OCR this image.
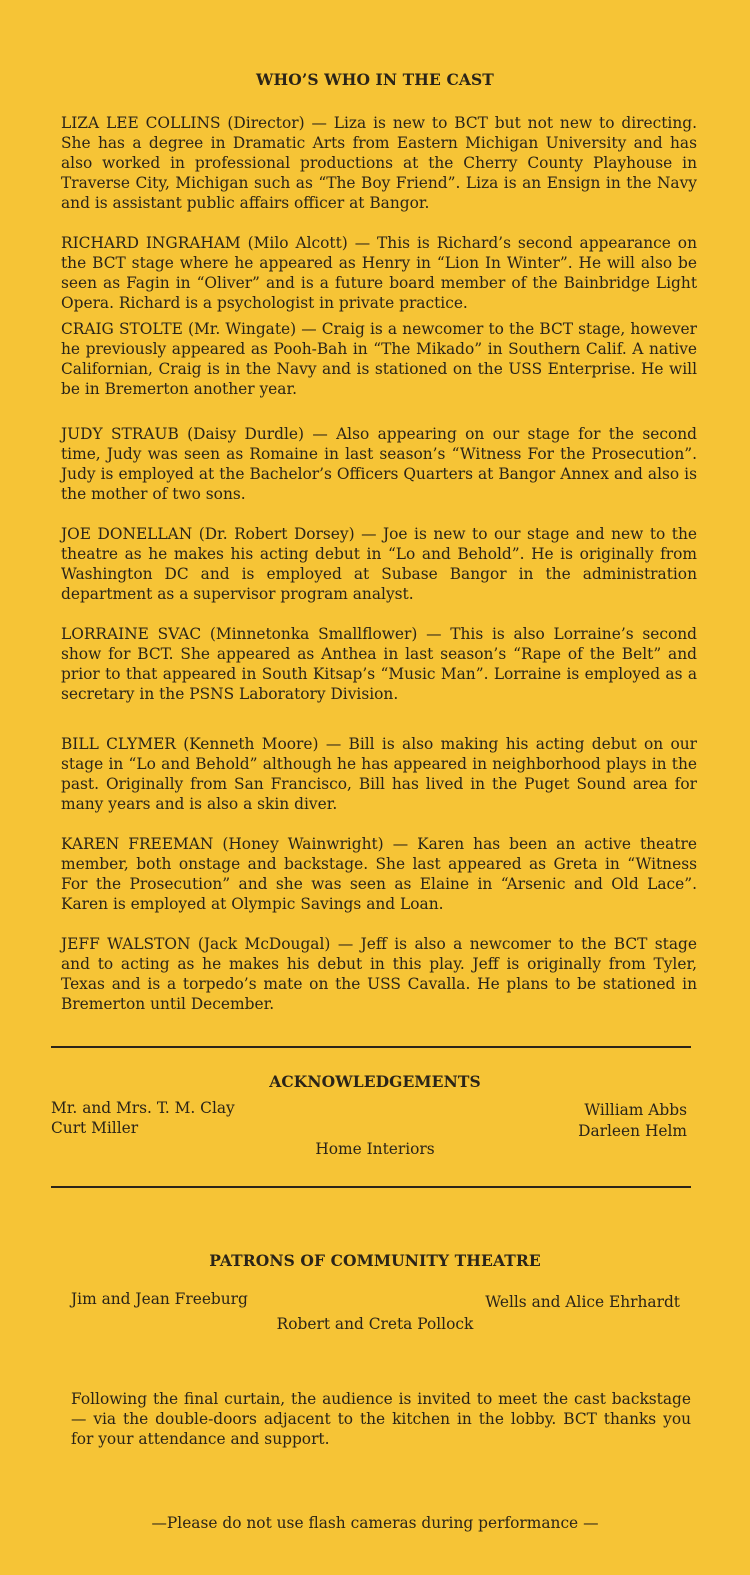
WHO’S WHO IN THE CAST
LIZA LEE COLLINS (Director) — Liza is new to BCT but not new to directing. She has a degree in Dramatic Arts from Eastern Michigan University and has also worked in professional productions at the Cherry County Playhouse in Traverse City, Michigan such as “The Boy Friend”. Liza is an Ensign in the Navy and is assistant public affairs officer at Bangor.
RICHARD INGRAHAM (Milo Alcott) — This is Richard’s second appearance on the BCT stage where he appeared as Henry in “Lion In Winter”. He will also be seen as Fagin in “Oliver” and is a future board member of the Bainbridge Light Opera. Richard is a psychologist in private practice.
CRAIG STOLTE (Mr. Wingate) — Craig is a newcomer to the BCT stage, however he previously appeared as Pooh-Bah in “The Mikado” in Southern Calif. A native Californian, Craig is in the Navy and is stationed on the USS Enterprise. He will be in Bremerton another year.
JUDY STRAUB (Daisy Durdle) — Also appearing on our stage for the second time, Judy was seen as Romaine in last season’s “Witness For the Prosecution”. Judy is employed at the Bachelor’s Officers Quarters at Bangor Annex and also is the mother of two sons.
JOE DONELLAN (Dr. Robert Dorsey) — Joe is new to our stage and new to the theatre as he makes his acting debut in “Lo and Behold”. He is originally from Washington DC and is employed at Subase Bangor in the administration department as a supervisor program analyst.
LORRAINE SVAC (Minnetonka Smallflower) — This is also Lorraine’s second show for BCT. She appeared as Anthea in last season’s “Rape of the Belt” and prior to that appeared in South Kitsap’s “Music Man”. Lorraine is employed as a secretary in the PSNS Laboratory Division.
BILL CLYMER (Kenneth Moore) — Bill is also making his acting debut on our stage in “Lo and Behold” although he has appeared in neighborhood plays in the past. Originally from San Francisco, Bill has lived in the Puget Sound area for many years and is also a skin diver.
KAREN FREEMAN (Honey Wainwright) — Karen has been an active theatre member, both onstage and backstage. She last appeared as Greta in “Witness For the Prosecution” and she was seen as Elaine in “Arsenic and Old Lace”. Karen is employed at Olympic Savings and Loan.
JEFF WALSTON (Jack McDougal) — Jeff is also a newcomer to the BCT stage and to acting as he makes his debut in this play. Jeff is originally from Tyler, Texas and is a torpedo’s mate on the USS Cavalla. He plans to be stationed in Bremerton until December.
ACKNOWLEDGEMENTS
Mr. and Mrs. T. M. Clay
Curt Miller
Home Interiors
William Abbs
Darleen Helm
PATRONS OF COMMUNITY THEATRE
Jim and Jean Freeburg
Robert and Creta Pollock
Wells and Alice Ehrhardt
Following the final curtain, the audience is invited to meet the cast backstage — via the double-doors adjacent to the kitchen in the lobby. BCT thanks you for your attendance and support.
—Please do not use flash cameras during performance —
